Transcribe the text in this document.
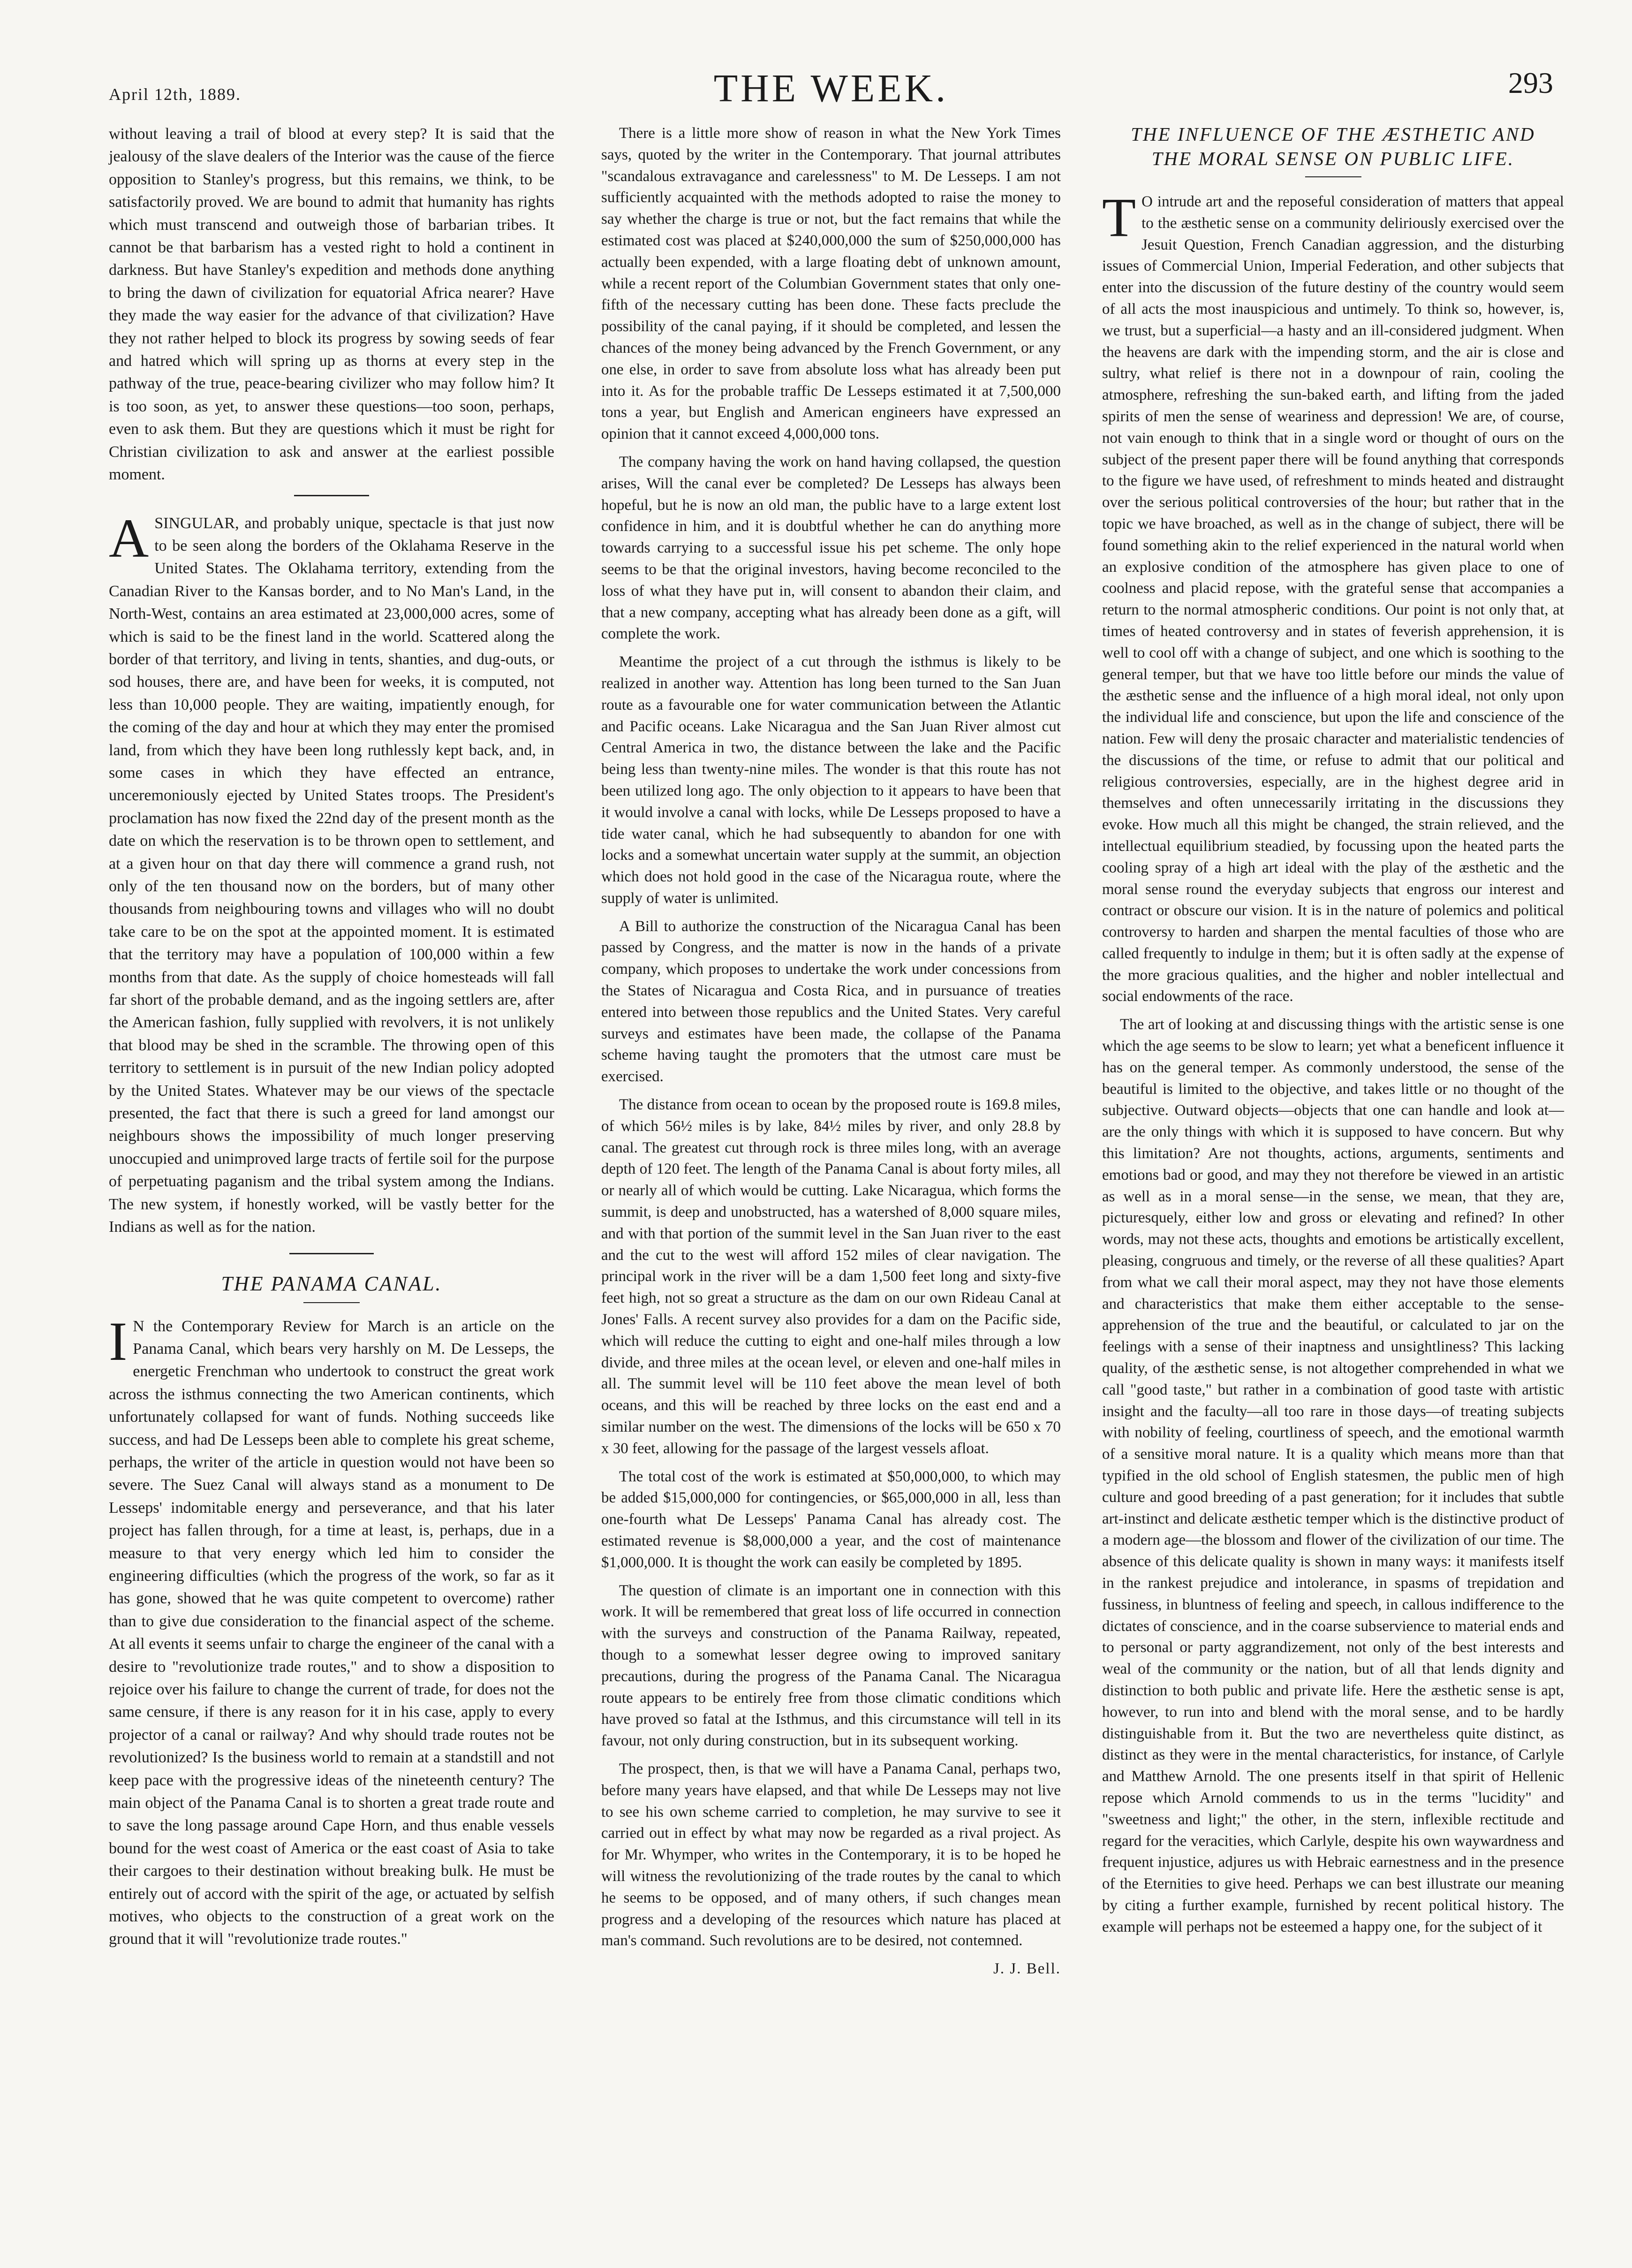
April 12th, 1889.	THE WEEK.	293

without leaving a trail of blood at every step? It is said that the jealousy of the slave dealers of the Interior was the cause of the fierce opposition to Stanley's progress, but this remains, we think, to be satisfactorily proved. We are bound to admit that humanity has rights which must transcend and outweigh those of barbarian tribes. It cannot be that barbarism has a vested right to hold a continent in darkness. But have Stanley's expedition and methods done anything to bring the dawn of civilization for equatorial Africa nearer? Have they made the way easier for the advance of that civilization? Have they not rather helped to block its progress by sowing seeds of fear and hatred which will spring up as thorns at every step in the pathway of the true, peace-bearing civilizer who may follow him? It is too soon, as yet, to answer these questions—too soon, perhaps, even to ask them. But they are questions which it must be right for Christian civilization to ask and answer at the earliest possible moment.

A SINGULAR, and probably unique, spectacle is that just now to be seen along the borders of the Oklahama Reserve in the United States. The Oklahama territory, extending from the Canadian River to the Kansas border, and to No Man's Land, in the North-West, contains an area estimated at 23,000,000 acres, some of which is said to be the finest land in the world. Scattered along the border of that territory, and living in tents, shanties, and dug-outs, or sod houses, there are, and have been for weeks, it is computed, not less than 10,000 people. They are waiting, impatiently enough, for the coming of the day and hour at which they may enter the promised land, from which they have been long ruthlessly kept back, and, in some cases in which they have effected an entrance, unceremoniously ejected by United States troops. The President's proclamation has now fixed the 22nd day of the present month as the date on which the reservation is to be thrown open to settlement, and at a given hour on that day there will commence a grand rush, not only of the ten thousand now on the borders, but of many other thousands from neighbouring towns and villages who will no doubt take care to be on the spot at the appointed moment. It is estimated that the territory may have a population of 100,000 within a few months from that date. As the supply of choice homesteads will fall far short of the probable demand, and as the ingoing settlers are, after the American fashion, fully supplied with revolvers, it is not unlikely that blood may be shed in the scramble. The throwing open of this territory to settlement is in pursuit of the new Indian policy adopted by the United States. Whatever may be our views of the spectacle presented, the fact that there is such a greed for land amongst our neighbours shows the impossibility of much longer preserving unoccupied and unimproved large tracts of fertile soil for the purpose of perpetuating paganism and the tribal system among the Indians. The new system, if honestly worked, will be vastly better for the Indians as well as for the nation.

THE PANAMA CANAL.

I N the Contemporary Review for March is an article on the Panama Canal, which bears very harshly on M. De Lesseps, the energetic Frenchman who undertook to construct the great work across the isthmus connecting the two American continents, which unfortunately collapsed for want of funds. Nothing succeeds like success, and had De Lesseps been able to complete his great scheme, perhaps, the writer of the article in question would not have been so severe. The Suez Canal will always stand as a monument to De Lesseps' indomitable energy and perseverance, and that his later project has fallen through, for a time at least, is, perhaps, due in a measure to that very energy which led him to consider the engineering difficulties (which the progress of the work, so far as it has gone, showed that he was quite competent to overcome) rather than to give due consideration to the financial aspect of the scheme. At all events it seems unfair to charge the engineer of the canal with a desire to "revolutionize trade routes," and to show a disposition to rejoice over his failure to change the current of trade, for does not the same censure, if there is any reason for it in his case, apply to every projector of a canal or railway? And why should trade routes not be revolutionized? Is the business world to remain at a standstill and not keep pace with the progressive ideas of the nineteenth century? The main object of the Panama Canal is to shorten a great trade route and to save the long passage around Cape Horn, and thus enable vessels bound for the west coast of America or the east coast of Asia to take their cargoes to their destination without breaking bulk. He must be entirely out of accord with the spirit of the age, or actuated by selfish motives, who objects to the construction of a great work on the ground that it will "revolutionize trade routes."

There is a little more show of reason in what the New York Times says, quoted by the writer in the Contemporary. That journal attributes "scandalous extravagance and carelessness" to M. De Lesseps. I am not sufficiently acquainted with the methods adopted to raise the money to say whether the charge is true or not, but the fact remains that while the estimated cost was placed at $240,000,000 the sum of $250,000,000 has actually been expended, with a large floating debt of unknown amount, while a recent report of the Columbian Government states that only one-fifth of the necessary cutting has been done. These facts preclude the possibility of the canal paying, if it should be completed, and lessen the chances of the money being advanced by the French Government, or any one else, in order to save from absolute loss what has already been put into it. As for the probable traffic De Lesseps estimated it at 7,500,000 tons a year, but English and American engineers have expressed an opinion that it cannot exceed 4,000,000 tons.

The company having the work on hand having collapsed, the question arises, Will the canal ever be completed? De Lesseps has always been hopeful, but he is now an old man, the public have to a large extent lost confidence in him, and it is doubtful whether he can do anything more towards carrying to a successful issue his pet scheme. The only hope seems to be that the original investors, having become reconciled to the loss of what they have put in, will consent to abandon their claim, and that a new company, accepting what has already been done as a gift, will complete the work.

Meantime the project of a cut through the isthmus is likely to be realized in another way. Attention has long been turned to the San Juan route as a favourable one for water communication between the Atlantic and Pacific oceans. Lake Nicaragua and the San Juan River almost cut Central America in two, the distance between the lake and the Pacific being less than twenty-nine miles. The wonder is that this route has not been utilized long ago. The only objection to it appears to have been that it would involve a canal with locks, while De Lesseps proposed to have a tide water canal, which he had subsequently to abandon for one with locks and a somewhat uncertain water supply at the summit, an objection which does not hold good in the case of the Nicaragua route, where the supply of water is unlimited.

A Bill to authorize the construction of the Nicaragua Canal has been passed by Congress, and the matter is now in the hands of a private company, which proposes to undertake the work under concessions from the States of Nicaragua and Costa Rica, and in pursuance of treaties entered into between those republics and the United States. Very careful surveys and estimates have been made, the collapse of the Panama scheme having taught the promoters that the utmost care must be exercised.

The distance from ocean to ocean by the proposed route is 169.8 miles, of which 56½ miles is by lake, 84½ miles by river, and only 28.8 by canal. The greatest cut through rock is three miles long, with an average depth of 120 feet. The length of the Panama Canal is about forty miles, all or nearly all of which would be cutting. Lake Nicaragua, which forms the summit, is deep and unobstructed, has a watershed of 8,000 square miles, and with that portion of the summit level in the San Juan river to the east and the cut to the west will afford 152 miles of clear navigation. The principal work in the river will be a dam 1,500 feet long and sixty-five feet high, not so great a structure as the dam on our own Rideau Canal at Jones' Falls. A recent survey also provides for a dam on the Pacific side, which will reduce the cutting to eight and one-half miles through a low divide, and three miles at the ocean level, or eleven and one-half miles in all. The summit level will be 110 feet above the mean level of both oceans, and this will be reached by three locks on the east end and a similar number on the west. The dimensions of the locks will be 650 x 70 x 30 feet, allowing for the passage of the largest vessels afloat.

The total cost of the work is estimated at $50,000,000, to which may be added $15,000,000 for contingencies, or $65,000,000 in all, less than one-fourth what De Lesseps' Panama Canal has already cost. The estimated revenue is $8,000,000 a year, and the cost of maintenance $1,000,000. It is thought the work can easily be completed by 1895.

The question of climate is an important one in connection with this work. It will be remembered that great loss of life occurred in connection with the surveys and construction of the Panama Railway, repeated, though to a somewhat lesser degree owing to improved sanitary precautions, during the progress of the Panama Canal. The Nicaragua route appears to be entirely free from those climatic conditions which have proved so fatal at the Isthmus, and this circumstance will tell in its favour, not only during construction, but in its subsequent working.

The prospect, then, is that we will have a Panama Canal, perhaps two, before many years have elapsed, and that while De Lesseps may not live to see his own scheme carried to completion, he may survive to see it carried out in effect by what may now be regarded as a rival project. As for Mr. Whymper, who writes in the Contemporary, it is to be hoped he will witness the revolutionizing of the trade routes by the canal to which he seems to be opposed, and of many others, if such changes mean progress and a developing of the resources which nature has placed at man's command. Such revolutions are to be desired, not contemned.

J. J. Bell.
THE INFLUENCE OF THE ÆSTHETIC AND
THE MORAL SENSE ON PUBLIC LIFE.

T O intrude art and the reposeful consideration of matters that appeal to the æsthetic sense on a community deliriously exercised over the Jesuit Question, French Canadian aggression, and the disturbing issues of Commercial Union, Imperial Federation, and other subjects that enter into the discussion of the future destiny of the country would seem of all acts the most inauspicious and untimely. To think so, however, is, we trust, but a superficial—a hasty and an ill-considered judgment. When the heavens are dark with the impending storm, and the air is close and sultry, what relief is there not in a downpour of rain, cooling the atmosphere, refreshing the sun-baked earth, and lifting from the jaded spirits of men the sense of weariness and depression! We are, of course, not vain enough to think that in a single word or thought of ours on the subject of the present paper there will be found anything that corresponds to the figure we have used, of refreshment to minds heated and distraught over the serious political controversies of the hour; but rather that in the topic we have broached, as well as in the change of subject, there will be found something akin to the relief experienced in the natural world when an explosive condition of the atmosphere has given place to one of coolness and placid repose, with the grateful sense that accompanies a return to the normal atmospheric conditions. Our point is not only that, at times of heated controversy and in states of feverish apprehension, it is well to cool off with a change of subject, and one which is soothing to the general temper, but that we have too little before our minds the value of the æsthetic sense and the influence of a high moral ideal, not only upon the individual life and conscience, but upon the life and conscience of the nation. Few will deny the prosaic character and materialistic tendencies of the discussions of the time, or refuse to admit that our political and religious controversies, especially, are in the highest degree arid in themselves and often unnecessarily irritating in the discussions they evoke. How much all this might be changed, the strain relieved, and the intellectual equilibrium steadied, by focussing upon the heated parts the cooling spray of a high art ideal with the play of the æsthetic and the moral sense round the everyday subjects that engross our interest and contract or obscure our vision. It is in the nature of polemics and political controversy to harden and sharpen the mental faculties of those who are called frequently to indulge in them; but it is often sadly at the expense of the more gracious qualities, and the higher and nobler intellectual and social endowments of the race.

The art of looking at and discussing things with the artistic sense is one which the age seems to be slow to learn; yet what a beneficent influence it has on the general temper. As commonly understood, the sense of the beautiful is limited to the objective, and takes little or no thought of the subjective. Outward objects—objects that one can handle and look at—are the only things with which it is supposed to have concern. But why this limitation? Are not thoughts, actions, arguments, sentiments and emotions bad or good, and may they not therefore be viewed in an artistic as well as in a moral sense—in the sense, we mean, that they are, picturesquely, either low and gross or elevating and refined? In other words, may not these acts, thoughts and emotions be artistically excellent, pleasing, congruous and timely, or the reverse of all these qualities? Apart from what we call their moral aspect, may they not have those elements and characteristics that make them either acceptable to the sense-apprehension of the true and the beautiful, or calculated to jar on the feelings with a sense of their inaptness and unsightliness? This lacking quality, of the æsthetic sense, is not altogether comprehended in what we call "good taste," but rather in a combination of good taste with artistic insight and the faculty—all too rare in those days—of treating subjects with nobility of feeling, courtliness of speech, and the emotional warmth of a sensitive moral nature. It is a quality which means more than that typified in the old school of English statesmen, the public men of high culture and good breeding of a past generation; for it includes that subtle art-instinct and delicate æsthetic temper which is the distinctive product of a modern age—the blossom and flower of the civilization of our time. The absence of this delicate quality is shown in many ways: it manifests itself in the rankest prejudice and intolerance, in spasms of trepidation and fussiness, in bluntness of feeling and speech, in callous indifference to the dictates of conscience, and in the coarse subservience to material ends and to personal or party aggrandizement, not only of the best interests and weal of the community or the nation, but of all that lends dignity and distinction to both public and private life. Here the æsthetic sense is apt, however, to run into and blend with the moral sense, and to be hardly distinguishable from it. But the two are nevertheless quite distinct, as distinct as they were in the mental characteristics, for instance, of Carlyle and Matthew Arnold. The one presents itself in that spirit of Hellenic repose which Arnold commends to us in the terms "lucidity" and "sweetness and light;" the other, in the stern, inflexible rectitude and regard for the veracities, which Carlyle, despite his own waywardness and frequent injustice, adjures us with Hebraic earnestness and in the presence of the Eternities to give heed. Perhaps we can best illustrate our meaning by citing a further example, furnished by recent political history. The example will perhaps not be esteemed a happy one, for the subject of it
